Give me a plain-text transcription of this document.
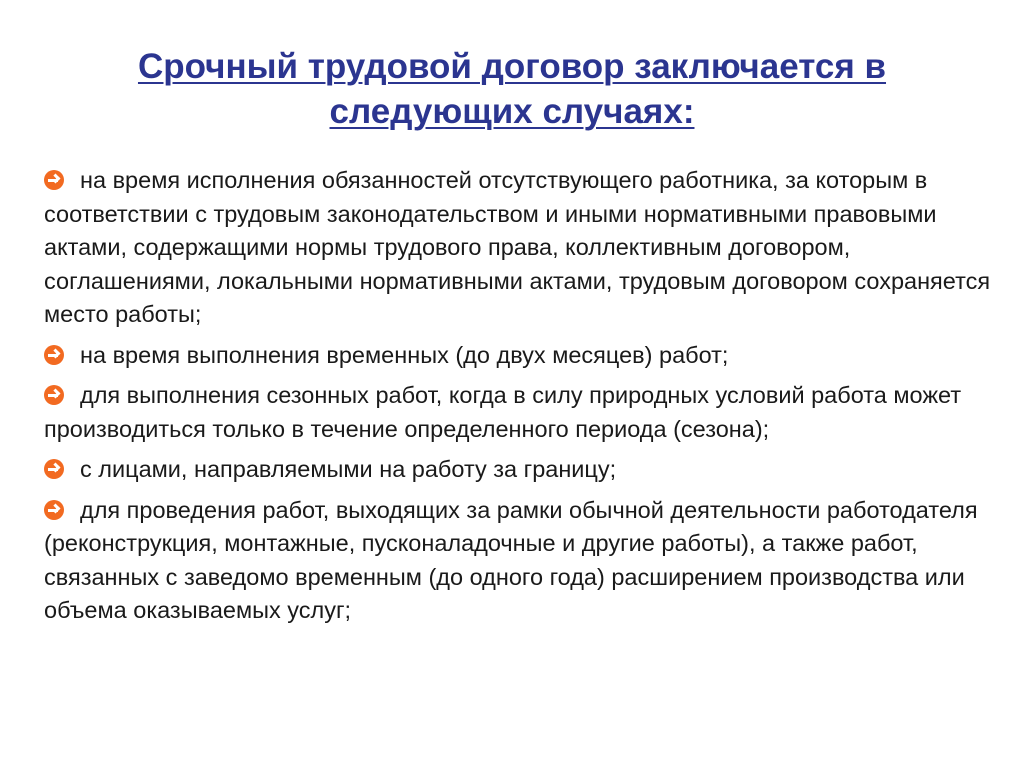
Срочный трудовой договор заключается в следующих случаях:
на время исполнения обязанностей отсутствующего работника, за которым в соответствии с трудовым законодательством и иными нормативными правовыми актами, содержащими нормы трудового права, коллективным договором, соглашениями, локальными нормативными актами, трудовым договором сохраняется место работы;
на время выполнения временных (до двух месяцев) работ;
для выполнения сезонных работ, когда в силу природных условий работа может производиться только в течение определенного периода (сезона);
с лицами, направляемыми на работу за границу;
для проведения работ, выходящих за рамки обычной деятельности работодателя (реконструкция, монтажные, пусконаладочные и другие работы), а также работ, связанных с заведомо временным (до одного года) расширением производства или объема оказываемых услуг;
